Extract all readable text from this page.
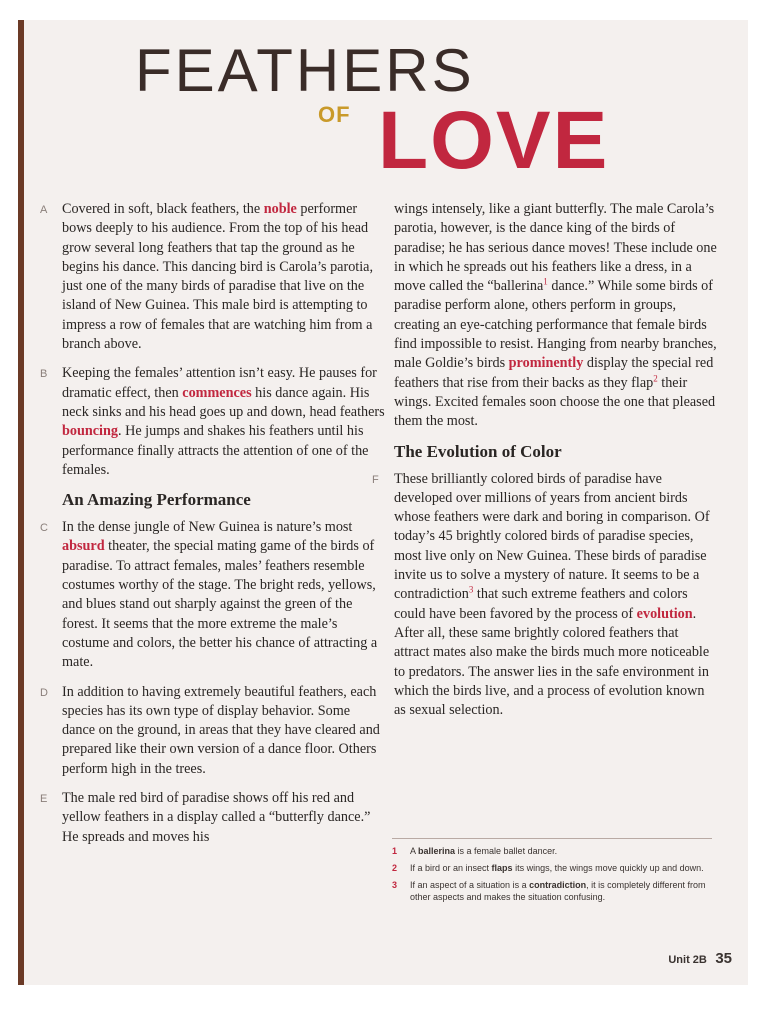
FEATHERS
OF LOVE

A Covered in soft, black feathers, the noble performer bows deeply to his audience. From the top of his head grow several long feathers that tap the ground as he begins his dance. This dancing bird is Carola’s parotia, just one of the many birds of paradise that live on the island of New Guinea. This male bird is attempting to impress a row of females that are watching him from a branch above.

B Keeping the females’ attention isn’t easy. He pauses for dramatic effect, then commences his dance again. His neck sinks and his head goes up and down, head feathers bouncing. He jumps and shakes his feathers until his performance finally attracts the attention of one of the females.

An Amazing Performance

C In the dense jungle of New Guinea is nature’s most absurd theater, the special mating game of the birds of paradise. To attract females, males’ feathers resemble costumes worthy of the stage. The bright reds, yellows, and blues stand out sharply against the green of the forest. It seems that the more extreme the male’s costume and colors, the better his chance of attracting a mate.

D In addition to having extremely beautiful feathers, each species has its own type of display behavior. Some dance on the ground, in areas that they have cleared and prepared like their own version of a dance floor. Others perform high in the trees.

E The male red bird of paradise shows off his red and yellow feathers in a display called a “butterfly dance.” He spreads and moves his

wings intensely, like a giant butterfly. The male Carola’s parotia, however, is the dance king of the birds of paradise; he has serious dance moves! These include one in which he spreads out his feathers like a dress, in a move called the “ballerina$^1$ dance.” While some birds of paradise perform alone, others perform in groups, creating an eye-catching performance that female birds find impossible to resist. Hanging from nearby branches, male Goldie’s birds prominently display the special red feathers that rise from their backs as they flap$^2$ their wings. Excited females soon choose the one that pleased them the most.

The Evolution of Color

F These brilliantly colored birds of paradise have developed over millions of years from ancient birds whose feathers were dark and boring in comparison. Of today’s 45 brightly colored birds of paradise species, most live only on New Guinea. These birds of paradise invite us to solve a mystery of nature. It seems to be a contradiction$^3$ that such extreme feathers and colors could have been favored by the process of evolution. After all, these same brightly colored feathers that attract mates also make the birds much more noticeable to predators. The answer lies in the safe environment in which the birds live, and a process of evolution known as sexual selection.

1 A ballerina is a female ballet dancer.
2 If a bird or an insect flaps its wings, the wings move quickly up and down.
3 If an aspect of a situation is a contradiction, it is completely different from other aspects and makes the situation confusing.
Unit 2B 35
